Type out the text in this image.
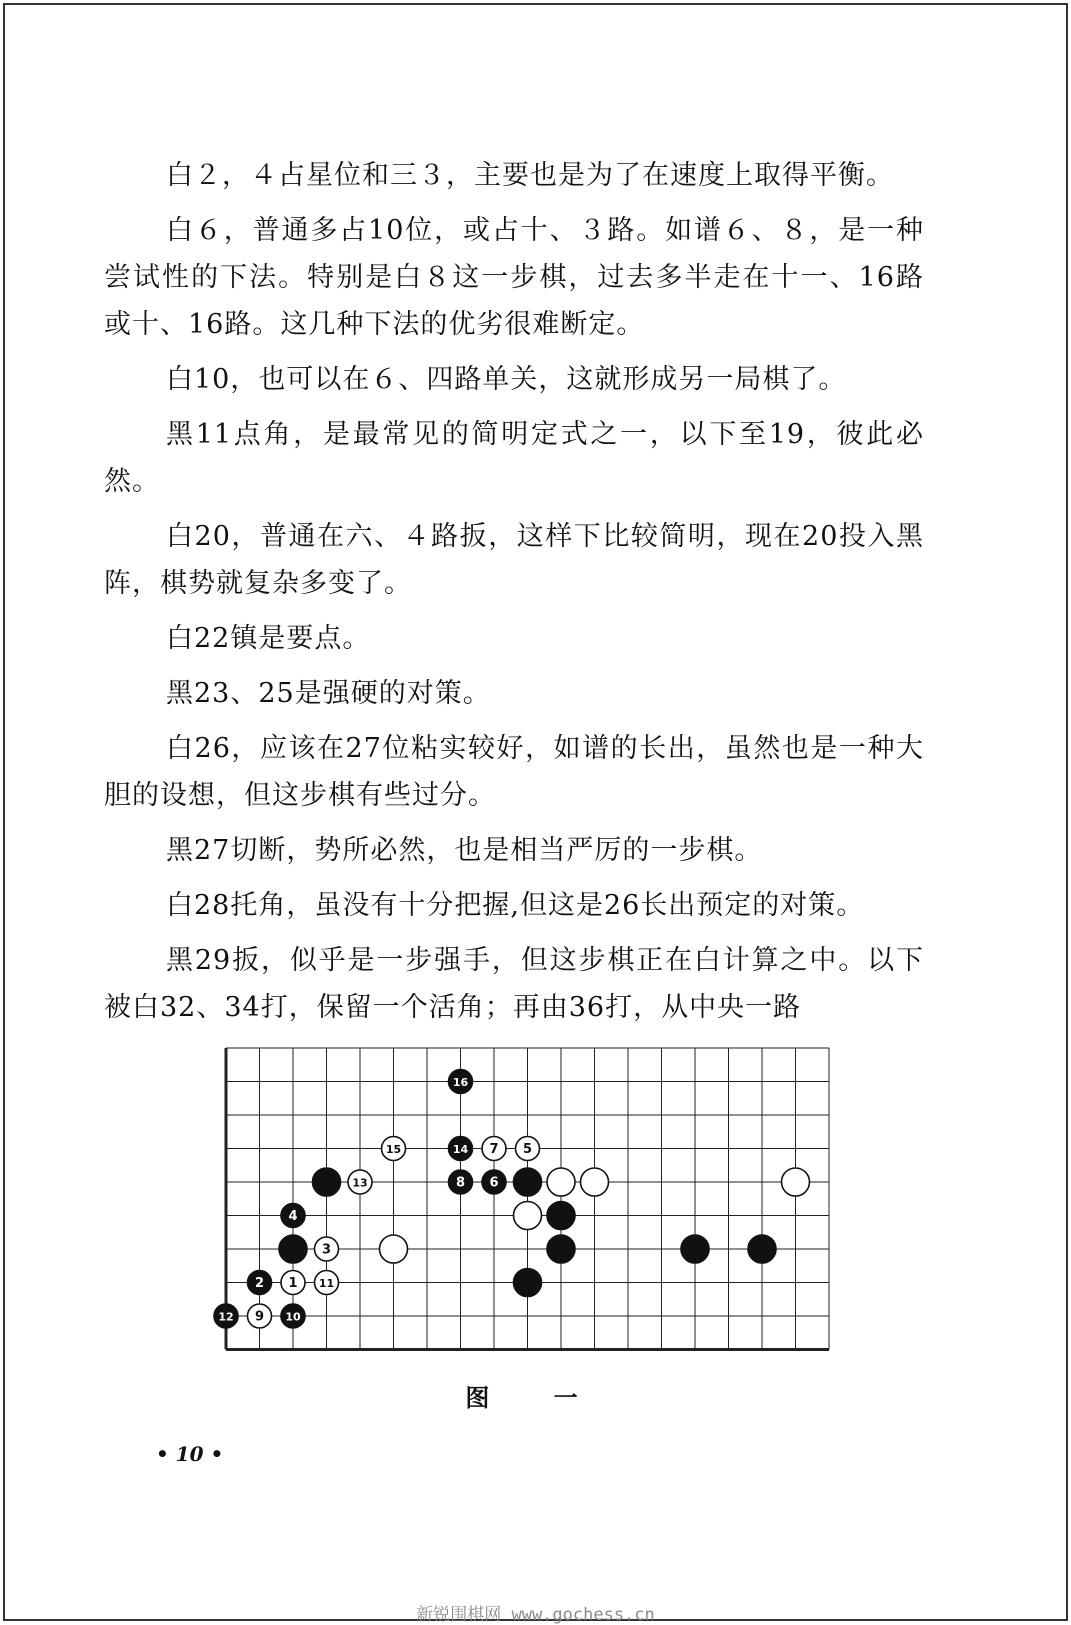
白２，４占星位和三３，主要也是为了在速度上取得平衡。

白６，普通多占10位，或占十、３路。如谱６、８，是一种尝试性的下法。特别是白８这一步棋，过去多半走在十一、16路或十、16路。这几种下法的优劣很难断定。

白10，也可以在６、四路单关，这就形成另一局棋了。

黑11点角，是最常见的简明定式之一，以下至19，彼此必然。

白20，普通在六、４路扳，这样下比较简明，现在20投入黑阵，棋势就复杂多变了。

白22镇是要点。

黑23、25是强硬的对策。

白26，应该在27位粘实较好，如谱的长出，虽然也是一种大胆的设想，但这步棋有些过分。

黑27切断，势所必然，也是相当严厉的一步棋。

白28托角，虽没有十分把握,但这是26长出预定的对策。

黑29扳，似乎是一步强手，但这步棋正在白计算之中。以下被白32、34打，保留一个活角；再由36打，从中央一路

16
15	14 7 5
13	8 6
4
3
2 1 11
12 9 10
图 一
• 10 •
新锐围棋网 www.gochess.cn
